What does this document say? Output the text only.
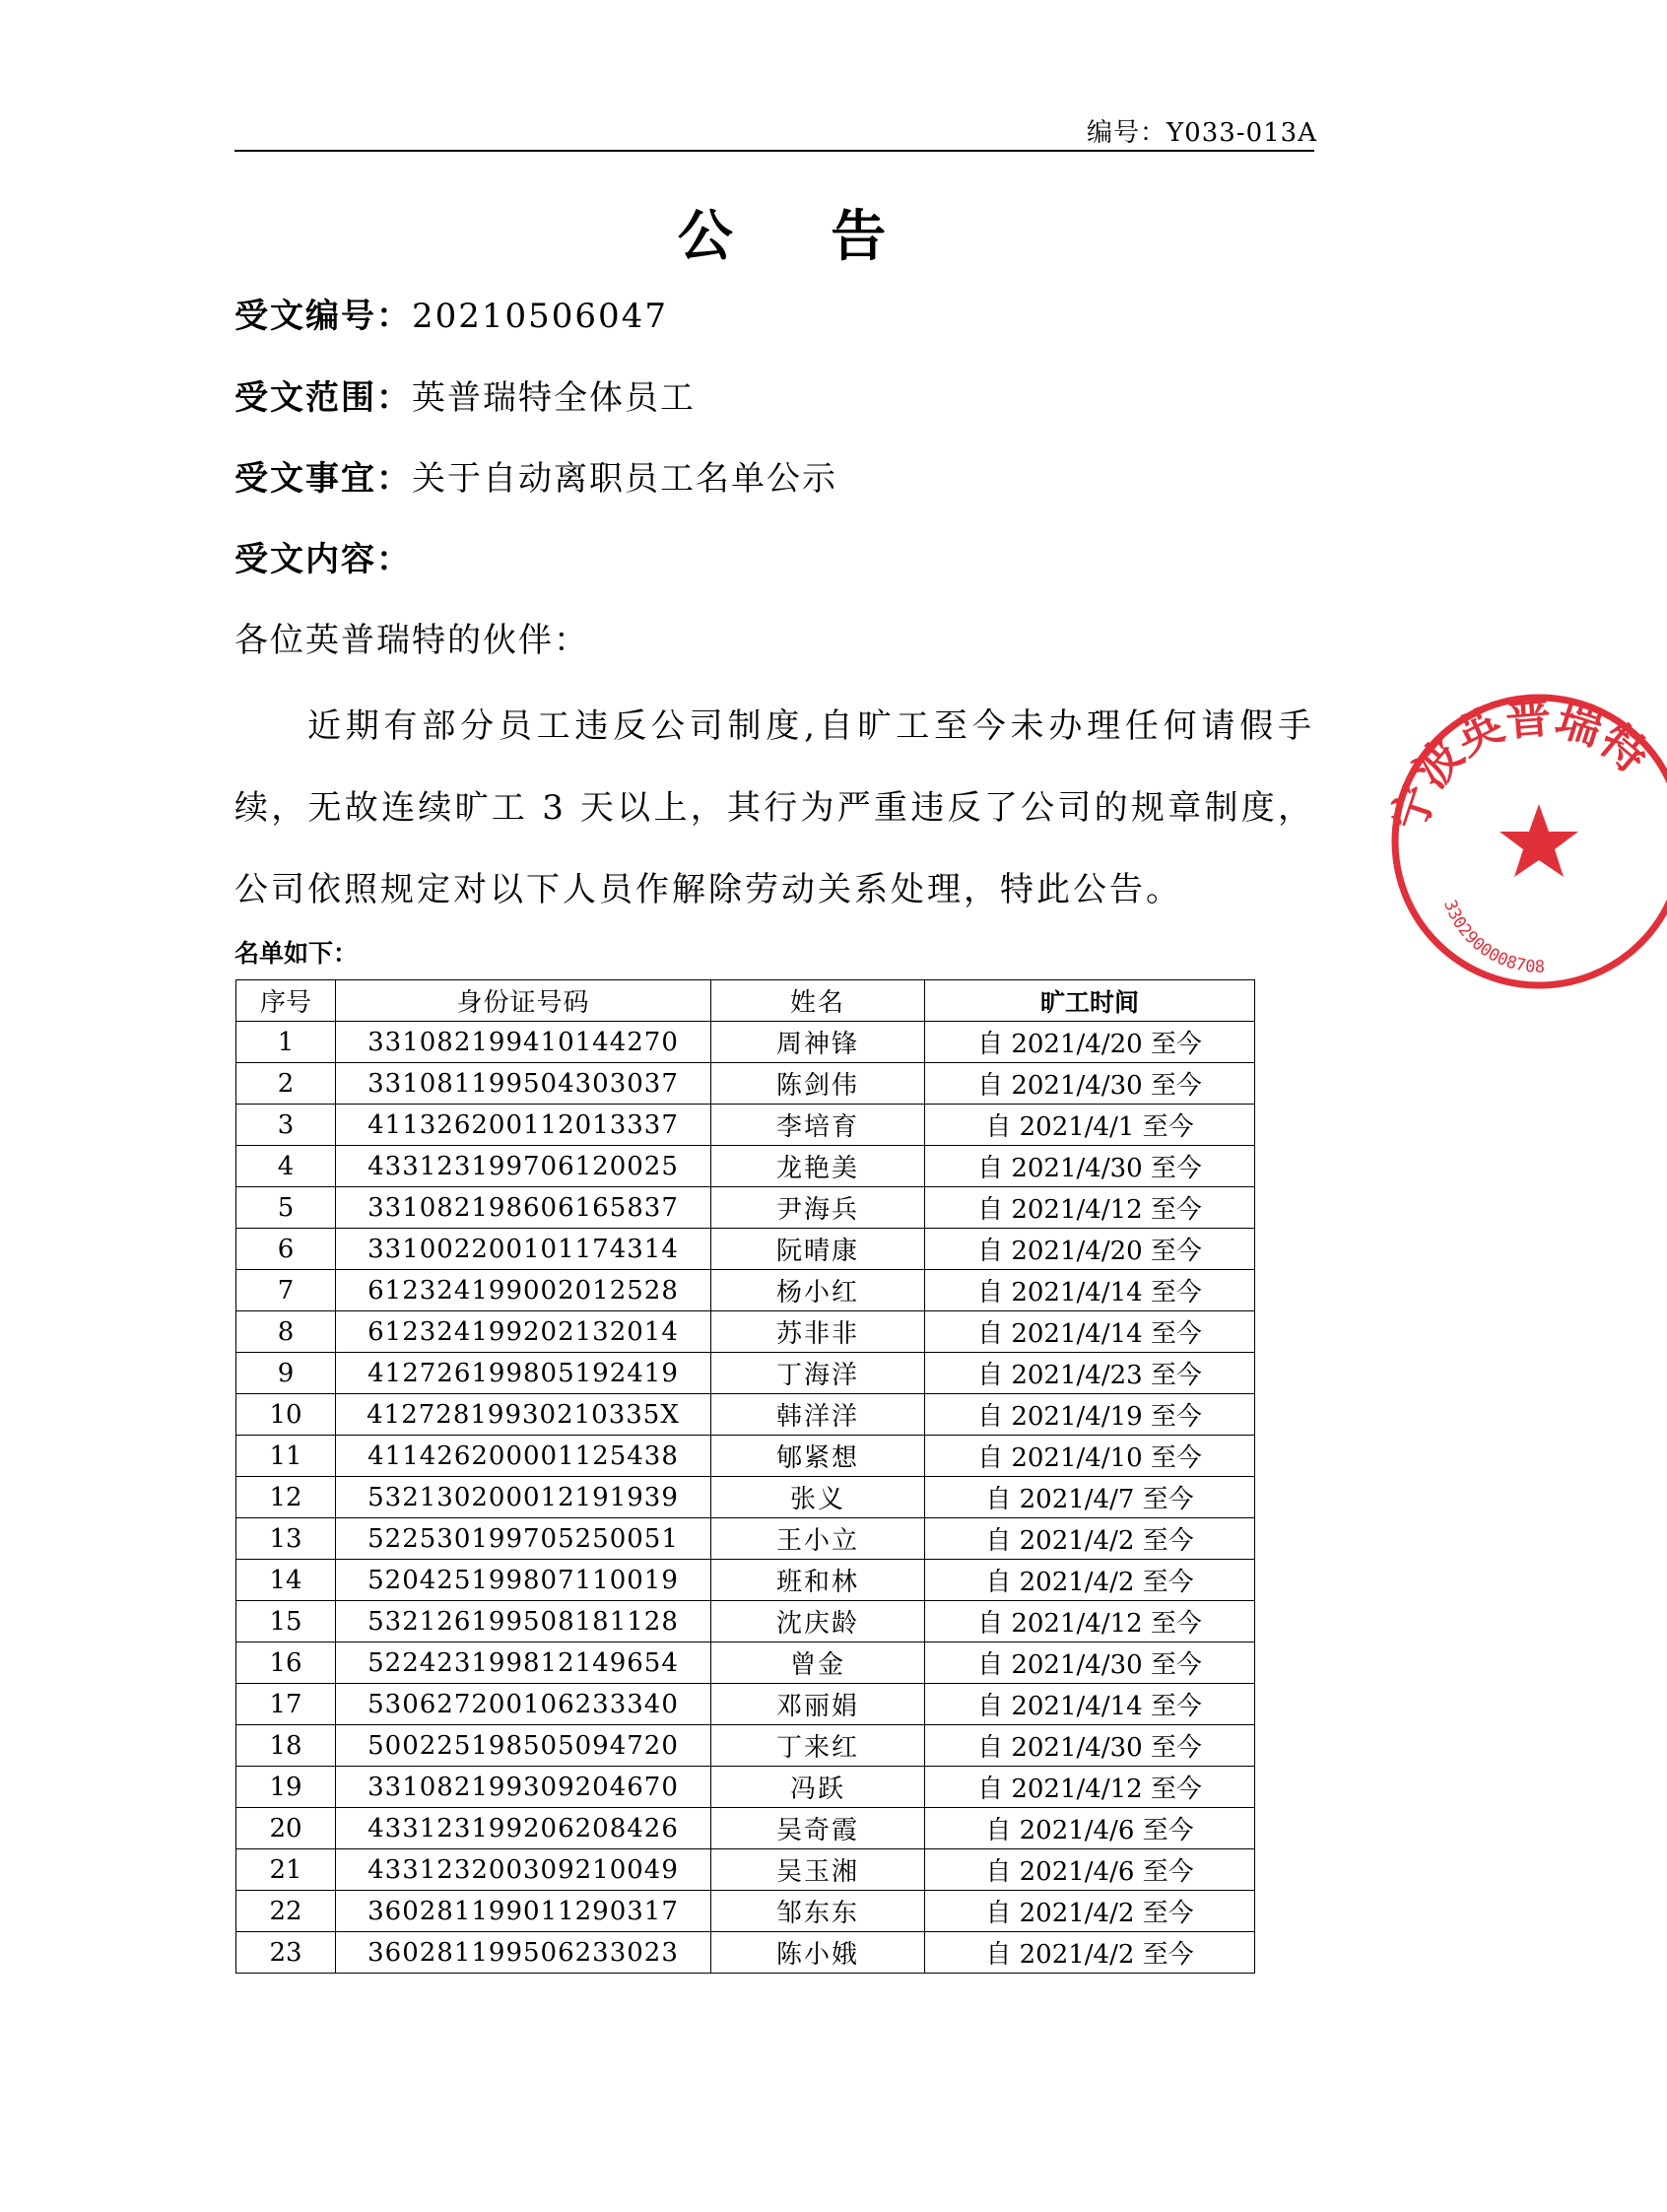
编号：Y033-013A
公 告
受文编号：20210506047
受文范围：英普瑞特全体员工
受文事宜：关于自动离职员工名单公示
受文内容：
各位英普瑞特的伙伴：
近期有部分员工违反公司制度,自旷工至今未办理任何请假手续，无故连续旷工 3 天以上，其行为严重违反了公司的规章制度，公司依照规定对以下人员作解除劳动关系处理，特此公告。
名单如下：
序号	身份证号码	姓名	旷工时间
1	331082199410144270	周神锋	自 2021/4/20 至今
2	331081199504303037	陈剑伟	自 2021/4/30 至今
3	411326200112013337	李培育	自 2021/4/1 至今
4	433123199706120025	龙艳美	自 2021/4/30 至今
5	331082198606165837	尹海兵	自 2021/4/12 至今
6	331002200101174314	阮晴康	自 2021/4/20 至今
7	612324199002012528	杨小红	自 2021/4/14 至今
8	612324199202132014	苏非非	自 2021/4/14 至今
9	412726199805192419	丁海洋	自 2021/4/23 至今
10	41272819930210335X	韩洋洋	自 2021/4/19 至今
11	411426200001125438	郇紧想	自 2021/4/10 至今
12	532130200012191939	张义	自 2021/4/7 至今
13	522530199705250051	王小立	自 2021/4/2 至今
14	520425199807110019	班和林	自 2021/4/2 至今
15	532126199508181128	沈庆龄	自 2021/4/12 至今
16	522423199812149654	曾金	自 2021/4/30 至今
17	530627200106233340	邓丽娟	自 2021/4/14 至今
18	500225198505094720	丁来红	自 2021/4/30 至今
19	331082199309204670	冯跃	自 2021/4/12 至今
20	433123199206208426	吴奇霞	自 2021/4/6 至今
21	433123200309210049	吴玉湘	自 2021/4/6 至今
22	360281199011290317	邹东东	自 2021/4/2 至今
23	360281199506233023	陈小娥	自 2021/4/2 至今
宁波英普瑞特
3302900008708
